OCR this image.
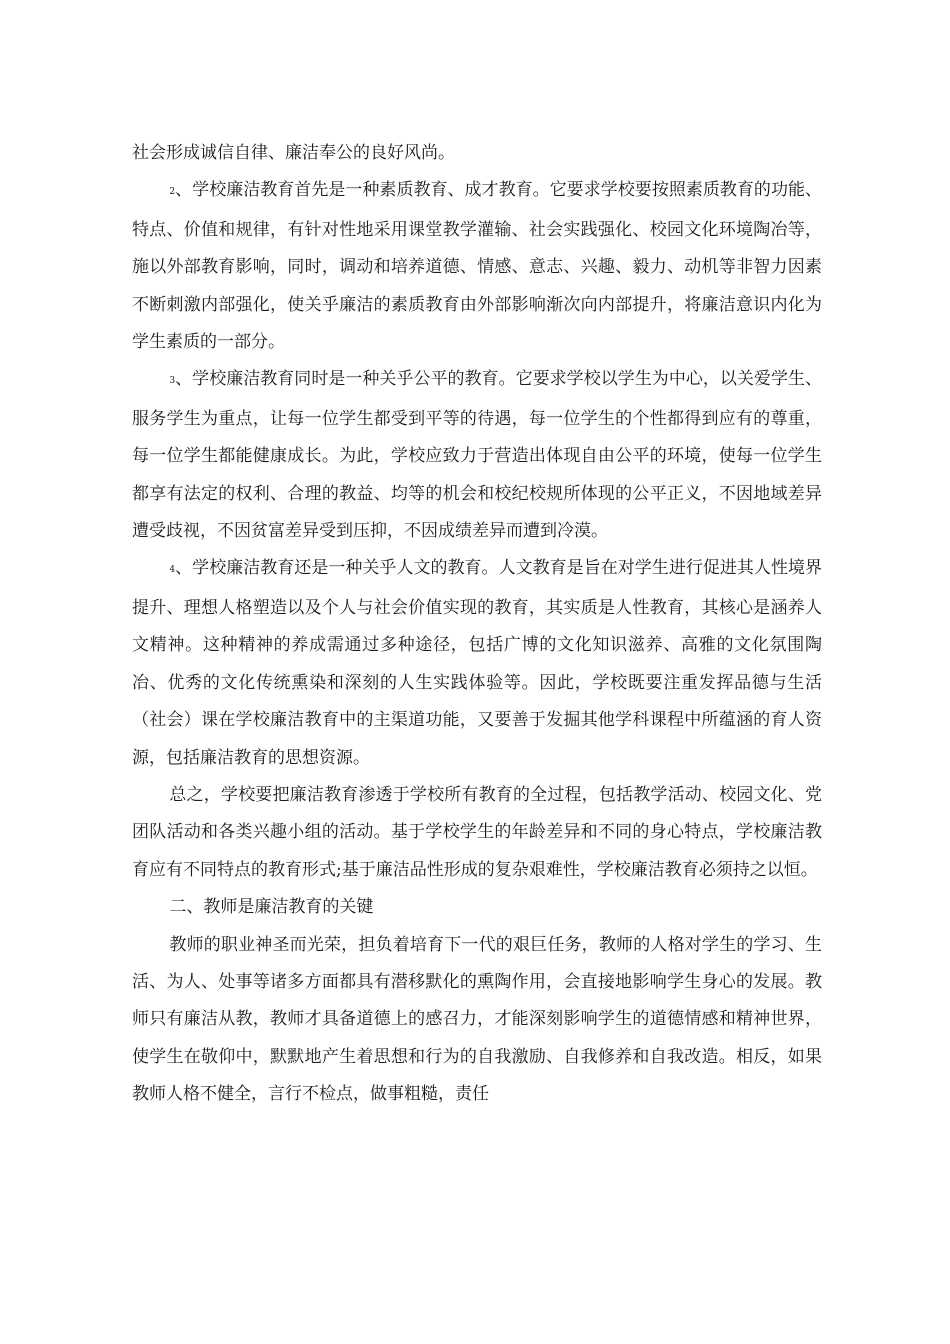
社会形成诚信自律、廉洁奉公的良好风尚。

2、学校廉洁教育首先是一种素质教育、成才教育。它要求学校要按照素质教育的功能、特点、价值和规律，有针对性地采用课堂教学灌输、社会实践强化、校园文化环境陶冶等，施以外部教育影响，同时，调动和培养道德、情感、意志、兴趣、毅力、动机等非智力因素不断刺激内部强化，使关乎廉洁的素质教育由外部影响渐次向内部提升，将廉洁意识内化为学生素质的一部分。

3、学校廉洁教育同时是一种关乎公平的教育。它要求学校以学生为中心，以关爱学生、服务学生为重点，让每一位学生都受到平等的待遇，每一位学生的个性都得到应有的尊重，每一位学生都能健康成长。为此，学校应致力于营造出体现自由公平的环境，使每一位学生都享有法定的权利、合理的教益、均等的机会和校纪校规所体现的公平正义，不因地域差异遭受歧视，不因贫富差异受到压抑，不因成绩差异而遭到冷漠。

4、学校廉洁教育还是一种关乎人文的教育。人文教育是旨在对学生进行促进其人性境界提升、理想人格塑造以及个人与社会价值实现的教育，其实质是人性教育，其核心是涵养人文精神。这种精神的养成需通过多种途径，包括广博的文化知识滋养、高雅的文化氛围陶冶、优秀的文化传统熏染和深刻的人生实践体验等。因此，学校既要注重发挥品德与生活（社会）课在学校廉洁教育中的主渠道功能，又要善于发掘其他学科课程中所蕴涵的育人资源，包括廉洁教育的思想资源。

总之，学校要把廉洁教育渗透于学校所有教育的全过程，包括教学活动、校园文化、党团队活动和各类兴趣小组的活动。基于学校学生的年龄差异和不同的身心特点，学校廉洁教育应有不同特点的教育形式;基于廉洁品性形成的复杂艰难性，学校廉洁教育必须持之以恒。

二、教师是廉洁教育的关键

教师的职业神圣而光荣，担负着培育下一代的艰巨任务，教师的人格对学生的学习、生活、为人、处事等诸多方面都具有潜移默化的熏陶作用，会直接地影响学生身心的发展。教师只有廉洁从教，教师才具备道德上的感召力，才能深刻影响学生的道德情感和精神世界，使学生在敬仰中，默默地产生着思想和行为的自我激励、自我修养和自我改造。相反，如果教师人格不健全，言行不检点，做事粗糙，责任
